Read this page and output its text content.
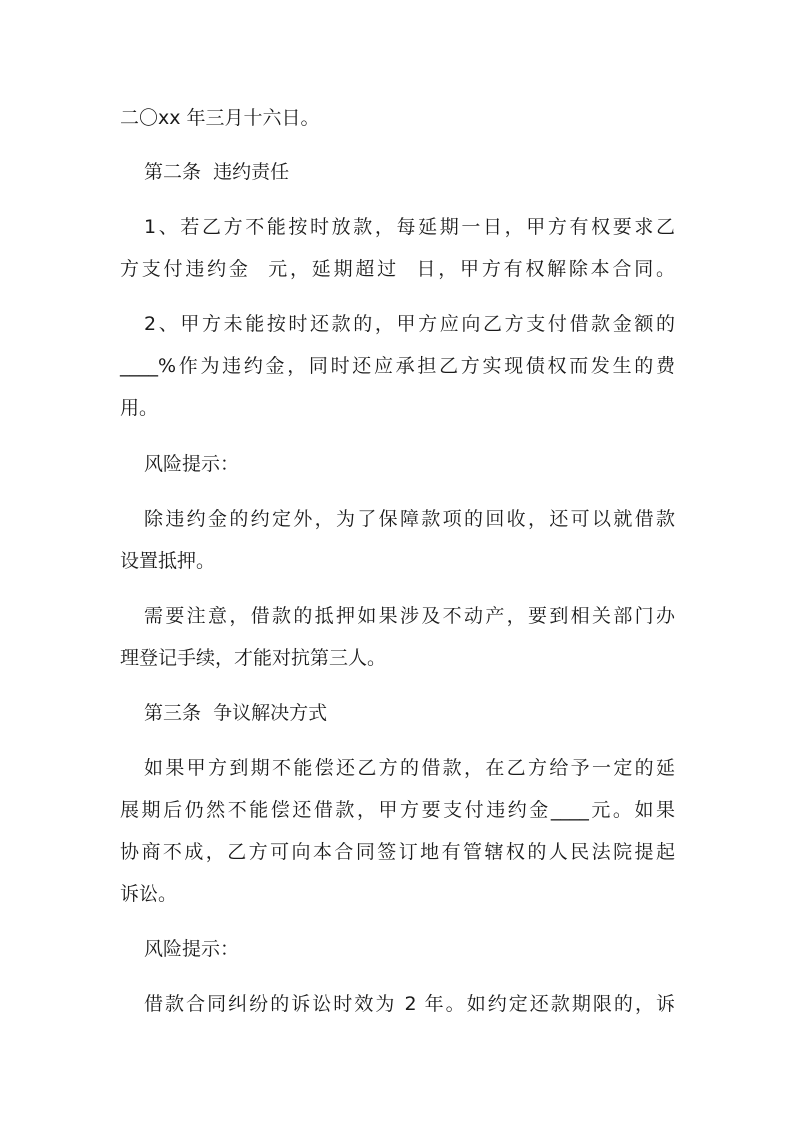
二〇xx 年三月十六日。
第二条  违约责任
1、若乙方不能按时放款，每延期一日，甲方有权要求乙
方支付违约金  元，延期超过  日，甲方有权解除本合同。
2、甲方未能按时还款的，甲方应向乙方支付借款金额的
____%作为违约金，同时还应承担乙方实现债权而发生的费
用。
风险提示：
除违约金的约定外，为了保障款项的回收，还可以就借款
设置抵押。
需要注意，借款的抵押如果涉及不动产，要到相关部门办
理登记手续，才能对抗第三人。
第三条  争议解决方式
如果甲方到期不能偿还乙方的借款，在乙方给予一定的延
展期后仍然不能偿还借款，甲方要支付违约金____元。如果
协商不成，乙方可向本合同签订地有管辖权的人民法院提起
诉讼。
风险提示：
借款合同纠纷的诉讼时效为 2 年。如约定还款期限的，诉
